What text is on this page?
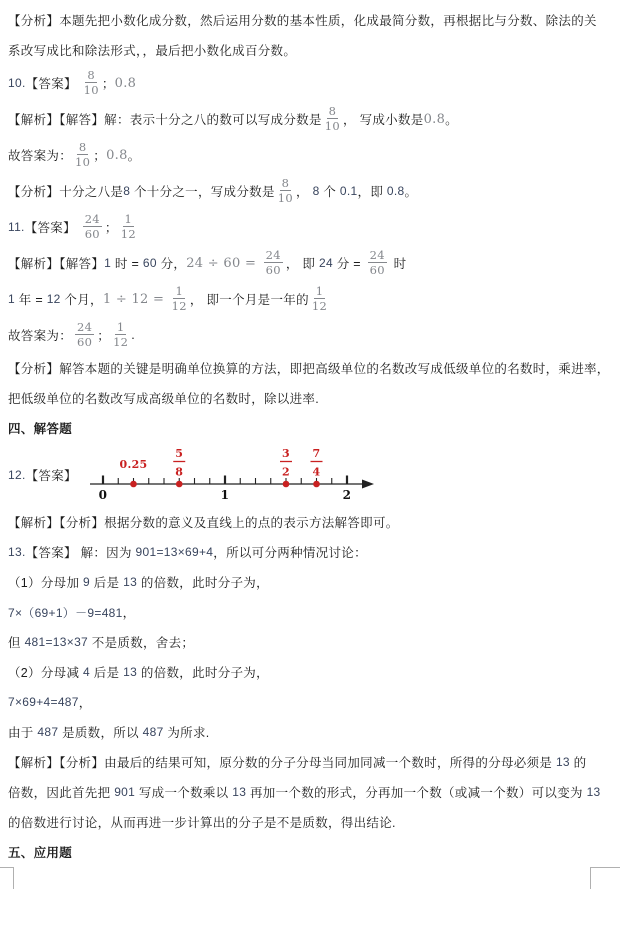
【分析】本题先把小数化成分数，然后运用分数的基本性质，化成最简分数，再根据比与分数、除法的关
系改写成比和除法形式，，最后把小数化成百分数。
10. 【答案】 $\frac{8}{10}$ ； 0.8
【解析】【解答】解：表示十分之八的数可以写成分数是 $\frac{8}{10}$ ， 写成小数是 0.8 。
故答案为： $\frac{8}{10}$ ； 0.8 。
【分析】十分之八是 8 个十分之一，写成分数是 $\frac{8}{10}$ ， 8 个 0.1 ，即 0.8 。
11. 【答案】 $\frac{24}{60}$ ； $\frac{1}{12}$
【解析】【解答】 1 时 = 60 分， $24 \div 60 = \frac{24}{60}$ ， 即 24 分 = $\frac{24}{60}$ 时
1 年 = 12 个月， $1 \div 12 = \frac{1}{12}$ ， 即一个月是一年的 $\frac{1}{12}$
故答案为： $\frac{24}{60}$ ； $\frac{1}{12}$ .
【分析】解答本题的关键是明确单位换算的方法，即把高级单位的名数改写成低级单位的名数时，乘进率，
把低级单位的名数改写成高级单位的名数时，除以进率.
四、解答题
12. 【答案】
0	1	2
0.25
5
8
3
2
7
4
【解析】【分析】根据分数的意义及直线上的点的表示方法解答即可。
13. 【答案】 解：因为 901=13×69+4 ，所以可分两种情况讨论：
（1）分母加 9 后是 13 的倍数，此时分子为，
7×（69+1）－9=481 ，
但 481=13×37 不是质数，舍去；
（2）分母减 4 后是 13 的倍数，此时分子为，
7×69+4=487 ，
由于 487 是质数，所以 487 为所求.
【解析】【分析】由最后的结果可知，原分数的分子分母当同加同减一个数时，所得的分母必须是 13 的
倍数，因此首先把 901 写成一个数乘以 13 再加一个数的形式，分再加一个数（或减一个数）可以变为 13
的倍数进行讨论，从而再进一步计算出的分子是不是质数，得出结论.
五、应用题
